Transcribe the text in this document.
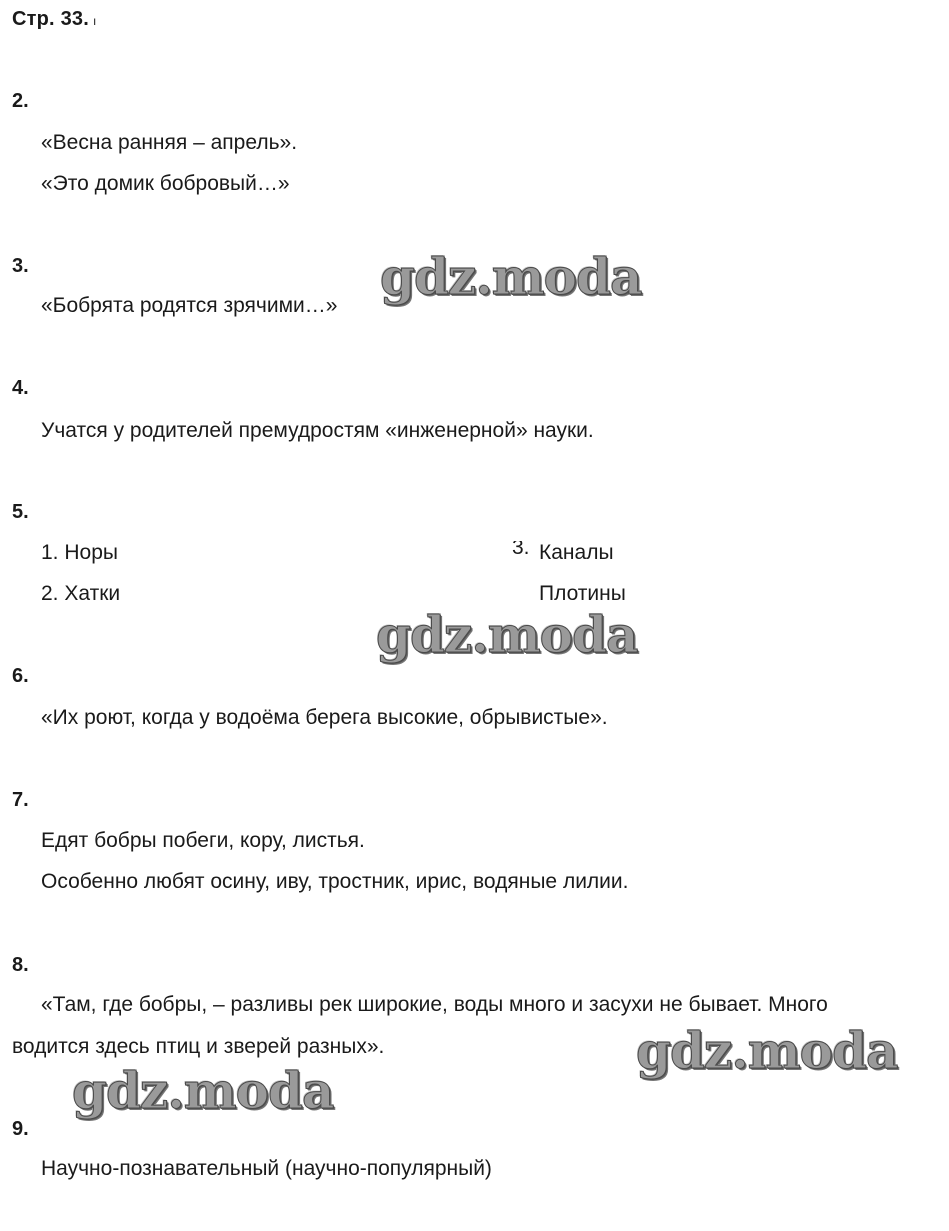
Стр. 33. ı
2.
«Весна ранняя – апрель».
«Это домик бобровый…»
3.
«Бобрята родятся зрячими…»
4.
Учатся у родителей премудростям «инженерной» науки.
5.
1. Норы
2. Хатки
3. Каналы
Плотины
6.
«Их роют, когда у водоёма берега высокие, обрывистые».
7.
Едят бобры побеги, кору, листья.
Особенно любят осину, иву, тростник, ирис, водяные лилии.
8.
«Там, где бобры, – разливы рек широкие, воды много и засухи не бывает. Много
водится здесь птиц и зверей разных».
9.
Научно-познавательный (научно-популярный)
gdz.moda
gdz.moda
gdz.moda
gdz.moda
